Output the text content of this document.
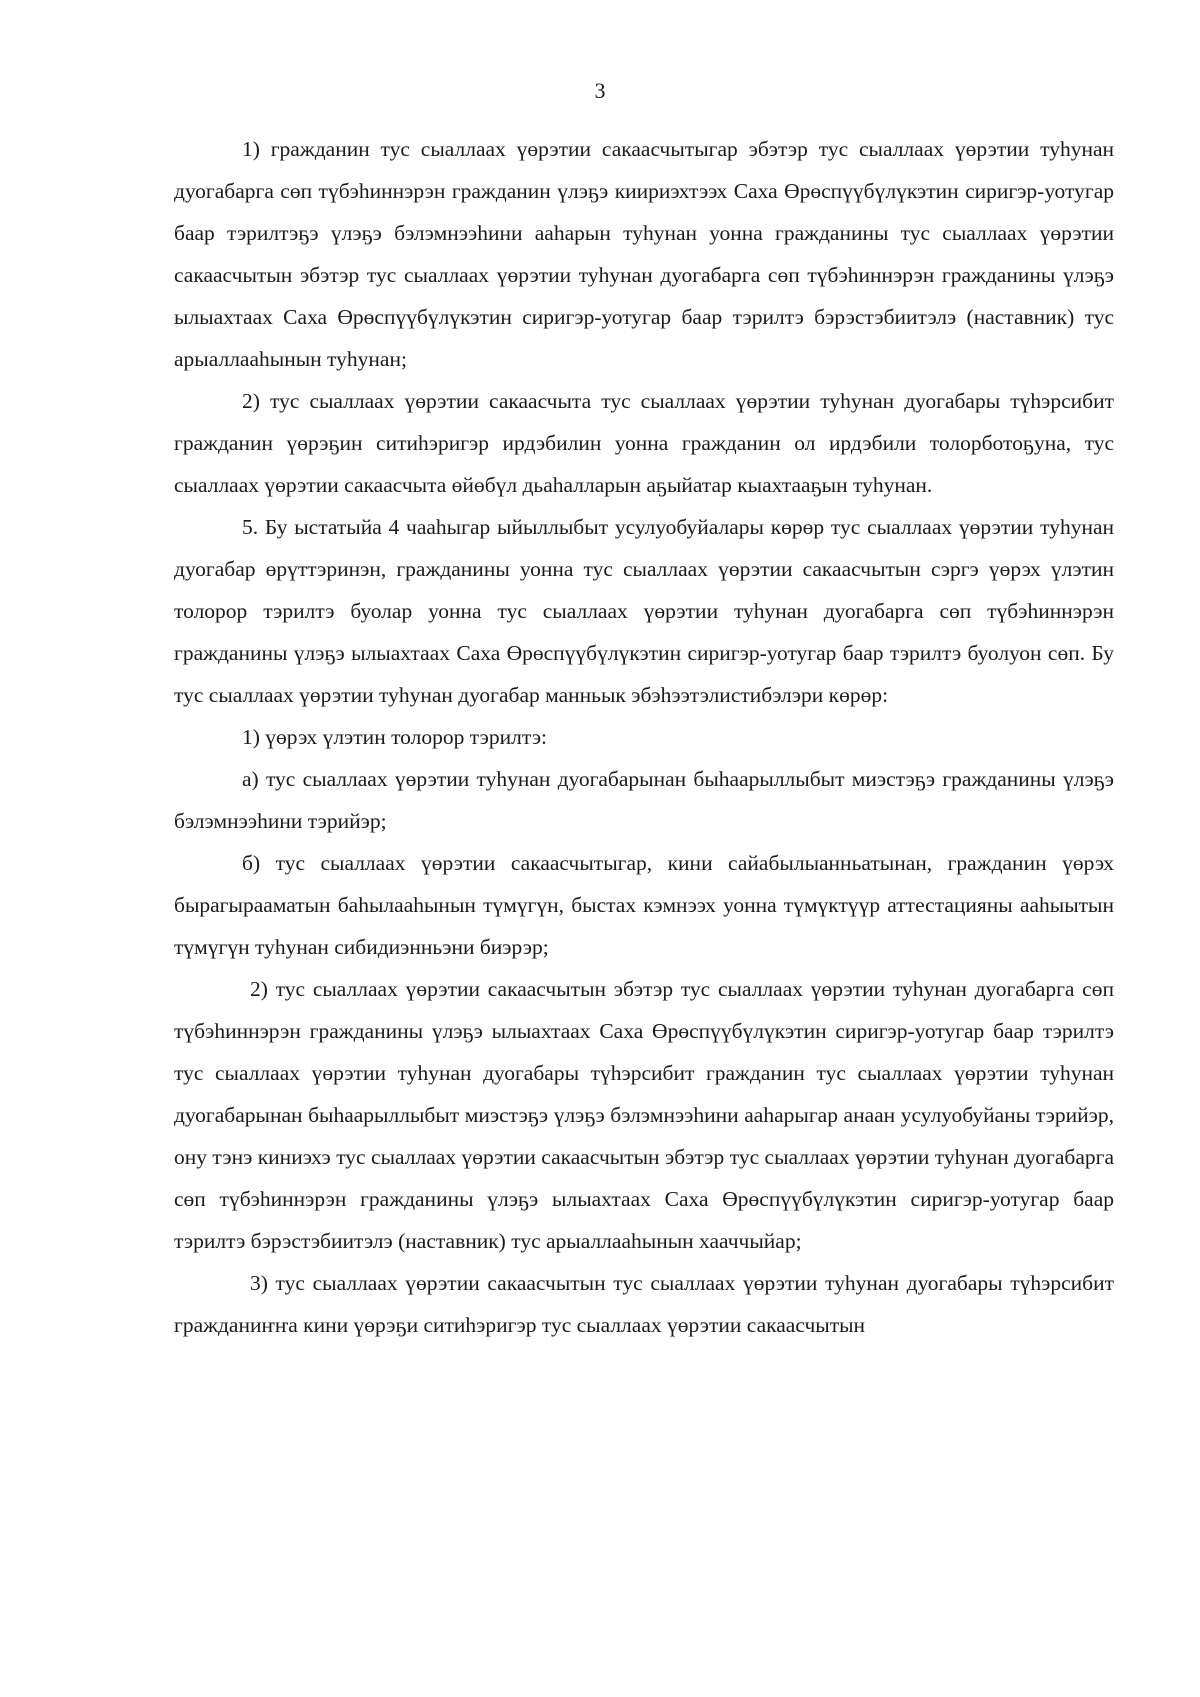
3

1) гражданин тус сыаллаах үөрэтии сакаасчытыгар эбэтэр тус сыаллаах үөрэтии туһунан дуогабарга сөп түбэһиннэрэн гражданин үлэҕэ киириэхтээх Саха Өрөспүүбүлүкэтин сиригэр-уотугар баар тэрилтэҕэ үлэҕэ бэлэмнээһини ааһарын туһунан уонна гражданины тус сыаллаах үөрэтии сакаасчытын эбэтэр тус сыаллаах үөрэтии туһунан дуогабарга сөп түбэһиннэрэн гражданины үлэҕэ ылыахтаах Саха Өрөспүүбүлүкэтин сиригэр-уотугар баар тэрилтэ бэрэстэбиитэлэ (наставник) тус арыаллааһынын туһунан;

2) тус сыаллаах үөрэтии сакаасчыта тус сыаллаах үөрэтии туһунан дуогабары түһэрсибит гражданин үөрэҕин ситиһэригэр ирдэбилин уонна гражданин ол ирдэбили толорботоҕуна, тус сыаллаах үөрэтии сакаасчыта өйөбүл дьаһалларын аҕыйатар кыахтааҕын туһунан.

5. Бу ыстатыйа 4 чааһыгар ыйыллыбыт усулуобуйалары көрөр тус сыаллаах үөрэтии туһунан дуогабар өрүттэринэн, гражданины уонна тус сыаллаах үөрэтии сакаасчытын сэргэ үөрэх үлэтин толорор тэрилтэ буолар уонна тус сыаллаах үөрэтии туһунан дуогабарга сөп түбэһиннэрэн гражданины үлэҕэ ылыахтаах Саха Өрөспүүбүлүкэтин сиригэр-уотугар баар тэрилтэ буолуон сөп. Бу тус сыаллаах үөрэтии туһунан дуогабар манньык эбэһээтэлистибэлэри көрөр:

1) үөрэх үлэтин толорор тэрилтэ:

а) тус сыаллаах үөрэтии туһунан дуогабарынан быһаарыллыбыт миэстэҕэ гражданины үлэҕэ бэлэмнээһини тэрийэр;

б) тус сыаллаах үөрэтии сакаасчытыгар, кини сайабылыанньатынан, гражданин үөрэх бырагырааматын баһылааһынын түмүгүн, быстах кэмнээх уонна түмүктүүр аттестацияны ааһыытын түмүгүн туһунан сибидиэнньэни биэрэр;

2) тус сыаллаах үөрэтии сакаасчытын эбэтэр тус сыаллаах үөрэтии туһунан дуогабарга сөп түбэһиннэрэн гражданины үлэҕэ ылыахтаах Саха Өрөспүүбүлүкэтин сиригэр-уотугар баар тэрилтэ тус сыаллаах үөрэтии туһунан дуогабары түһэрсибит гражданин тус сыаллаах үөрэтии туһунан дуогабарынан быһаарыллыбыт миэстэҕэ үлэҕэ бэлэмнээһини ааһарыгар анаан усулуобуйаны тэрийэр, ону тэнэ киниэхэ тус сыаллаах үөрэтии сакаасчытын эбэтэр тус сыаллаах үөрэтии туһунан дуогабарга сөп түбэһиннэрэн гражданины үлэҕэ ылыахтаах Саха Өрөспүүбүлүкэтин сиригэр-уотугар баар тэрилтэ бэрэстэбиитэлэ (наставник) тус арыаллааһынын хааччыйар;

3) тус сыаллаах үөрэтии сакаасчытын тус сыаллаах үөрэтии туһунан дуогабары түһэрсибит гражданиҥҥа кини үөрэҕи ситиһэригэр тус сыаллаах үөрэтии сакаасчытын
